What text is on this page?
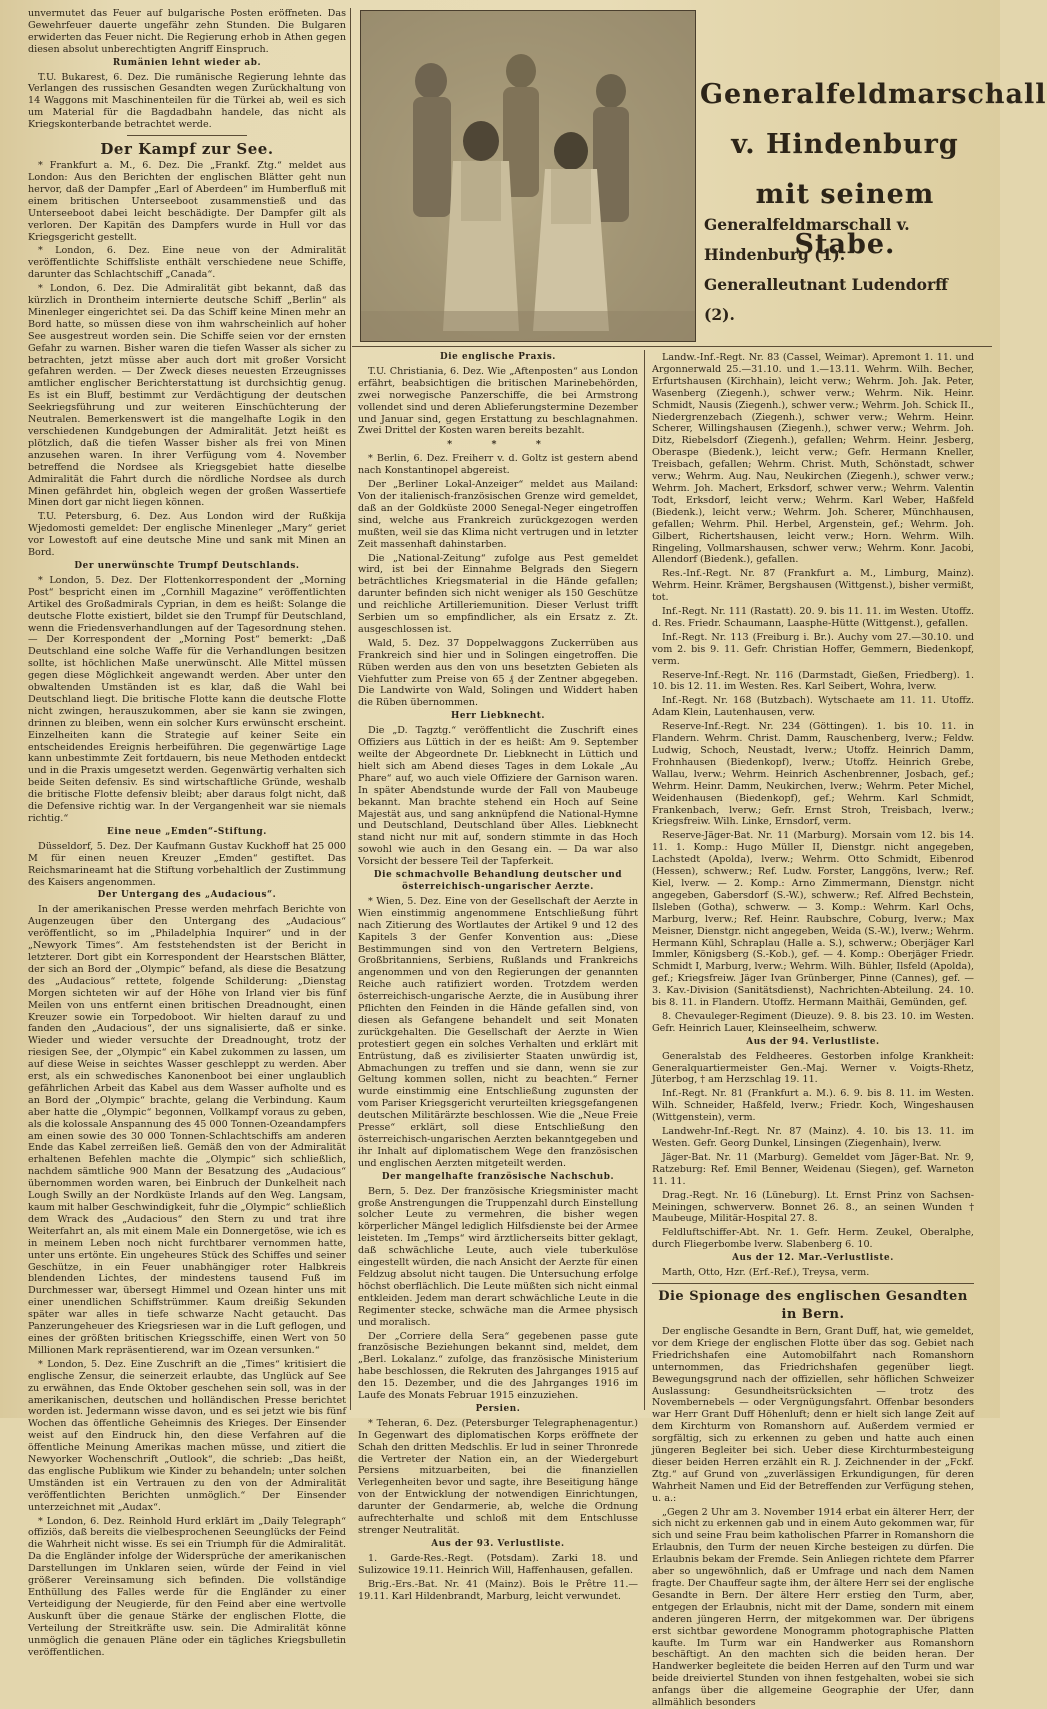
unvermutet das Feuer auf bulgarische Posten eröffneten. Das Gewehrfeuer dauerte ungefähr zehn Stunden. Die Bulgaren erwiderten das Feuer nicht. Die Regierung erhob in Athen gegen diesen absolut unberechtigten Angriff Einspruch.

Rumänien lehnt wieder ab.

T.U. Bukarest, 6. Dez. Die rumänische Regierung lehnte das Verlangen des russischen Gesandten wegen Zurückhaltung von 14 Waggons mit Maschinenteilen für die Türkei ab, weil es sich um Material für die Bagdadbahn handele, das nicht als Kriegskonterbande betrachtet werde.

Der Kampf zur See.

* Frankfurt a. M., 6. Dez. Die „Frankf. Ztg.“ meldet aus London: Aus den Berichten der englischen Blätter geht nun hervor, daß der Dampfer „Earl of Aberdeen“ im Humberfluß mit einem britischen Unterseeboot zusammenstieß und das Unterseeboot dabei leicht beschädigte. Der Dampfer gilt als verloren. Der Kapitän des Dampfers wurde in Hull vor das Kriegsgericht gestellt.

* London, 6. Dez. Eine neue von der Admiralität veröffentlichte Schiffsliste enthält verschiedene neue Schiffe, darunter das Schlachtschiff „Canada“.

* London, 6. Dez. Die Admiralität gibt bekannt, daß das kürzlich in Drontheim internierte deutsche Schiff „Berlin“ als Minenleger eingerichtet sei. Da das Schiff keine Minen mehr an Bord hatte, so müssen diese von ihm wahrscheinlich auf hoher See ausgestreut worden sein. Die Schiffe seien vor der ernsten Gefahr zu warnen. Bisher waren die tiefen Wasser als sicher zu betrachten, jetzt müsse aber auch dort mit großer Vorsicht gefahren werden. — Der Zweck dieses neuesten Erzeugnisses amtlicher englischer Berichterstattung ist durchsichtig genug. Es ist ein Bluff, bestimmt zur Verdächtigung der deutschen Seekriegsführung und zur weiteren Einschüchterung der Neutralen. Bemerkenswert ist die mangelhafte Logik in den verschiedenen Kundgebungen der Admiralität. Jetzt heißt es plötzlich, daß die tiefen Wasser bisher als frei von Minen anzusehen waren. In ihrer Verfügung vom 4. November betreffend die Nordsee als Kriegsgebiet hatte dieselbe Admiralität die Fahrt durch die nördliche Nordsee als durch Minen gefährdet hin, obgleich wegen der großen Wassertiefe Minen dort gar nicht liegen können.

T.U. Petersburg, 6. Dez. Aus London wird der Rußkija Wjedomosti gemeldet: Der englische Minenleger „Mary“ geriet vor Lowestoft auf eine deutsche Mine und sank mit Minen an Bord.

Der unerwünschte Trumpf Deutschlands.

* London, 5. Dez. Der Flottenkorrespondent der „Morning Post“ bespricht einen im „Cornhill Magazine“ veröffentlichten Artikel des Großadmirals Cyprian, in dem es heißt: Solange die deutsche Flotte existiert, bildet sie den Trumpf für Deutschland, wenn die Friedensverhandlungen auf der Tagesordnung stehen. — Der Korrespondent der „Morning Post“ bemerkt: „Daß Deutschland eine solche Waffe für die Verhandlungen besitzen sollte, ist höchlichen Maße unerwünscht. Alle Mittel müssen gegen diese Möglichkeit angewandt werden. Aber unter den obwaltenden Umständen ist es klar, daß die Wahl bei Deutschland liegt. Die britische Flotte kann die deutsche Flotte nicht zwingen, herauszukommen, aber sie kann sie zwingen, drinnen zu bleiben, wenn ein solcher Kurs erwünscht erscheint. Einzelheiten kann die Strategie auf keiner Seite ein entscheidendes Ereignis herbeiführen. Die gegenwärtige Lage kann unbestimmte Zeit fortdauern, bis neue Methoden entdeckt und in die Praxis umgesetzt werden. Gegenwärtig verhalten sich beide Seiten defensiv. Es sind wirtschaftliche Gründe, weshalb die britische Flotte defensiv bleibt; aber daraus folgt nicht, daß die Defensive richtig war. In der Vergangenheit war sie niemals richtig.“

Eine neue „Emden“-Stiftung.

Düsseldorf, 5. Dez. Der Kaufmann Gustav Kuckhoff hat 25 000 M für einen neuen Kreuzer „Emden“ gestiftet. Das Reichsmarineamt hat die Stiftung vorbehaltlich der Zustimmung des Kaisers angenommen.

Der Untergang des „Audacious“.

In der amerikanischen Presse werden mehrfach Berichte von Augenzeugen über den Untergang des „Audacious“ veröffentlicht, so im „Philadelphia Inquirer“ und in der „Newyork Times“. Am feststehendsten ist der Bericht in letzterer. Dort gibt ein Korrespondent der Hearstschen Blätter, der sich an Bord der „Olympic“ befand, als diese die Besatzung des „Audacious“ rettete, folgende Schilderung: „Dienstag Morgen sichteten wir auf der Höhe von Irland vier bis fünf Meilen von uns entfernt einen britischen Dreadnought, einen Kreuzer sowie ein Torpedoboot. Wir hielten darauf zu und fanden den „Audacious“, der uns signalisierte, daß er sinke. Wieder und wieder versuchte der Dreadnought, trotz der riesigen See, der „Olympic“ ein Kabel zukommen zu lassen, um auf diese Weise in seichtes Wasser geschleppt zu werden. Aber erst, als ein schwedisches Kanonenboot bei einer unglaublich gefährlichen Arbeit das Kabel aus dem Wasser aufholte und es an Bord der „Olympic“ brachte, gelang die Verbindung. Kaum aber hatte die „Olympic“ begonnen, Vollkampf voraus zu geben, als die kolossale Anspannung des 45 000 Tonnen-Ozeandampfers am einen sowie des 30 000 Tonnen-Schlachtschiffs am anderen Ende das Kabel zerreißen ließ. Gemäß den von der Admiralität erhaltenen Befehlen machte die „Olympic“ sich schließlich, nachdem sämtliche 900 Mann der Besatzung des „Audacious“ übernommen worden waren, bei Einbruch der Dunkelheit nach Lough Swilly an der Nordküste Irlands auf den Weg. Langsam, kaum mit halber Geschwindigkeit, fuhr die „Olympic“ schließlich dem Wrack des „Audacious“ den Stern zu und trat ihre Weiterfahrt an, als mit einem Male ein Donnergetöse, wie ich es in meinem Leben noch nicht furchtbarer vernommen hatte, unter uns ertönte. Ein ungeheures Stück des Schiffes und seiner Geschütze, in ein Feuer unabhängiger roter Halbkreis blendenden Lichtes, der mindestens tausend Fuß im Durchmesser war, übersegt Himmel und Ozean hinter uns mit einer unendlichen Schiffstrümmer. Kaum dreißig Sekunden später war alles in tiefe schwarze Nacht getaucht. Das Panzerungeheuer des Kriegsriesen war in die Luft geflogen, und eines der größten britischen Kriegsschiffe, einen Wert von 50 Millionen Mark repräsentierend, war im Ozean versunken.“

* London, 5. Dez. Eine Zuschrift an die „Times“ kritisiert die englische Zensur, die seinerzeit erlaubte, das Unglück auf See zu erwähnen, das Ende Oktober geschehen sein soll, was in der amerikanischen, deutschen und holländischen Presse berichtet worden ist. Jedermann wisse davon, und es sei jetzt wie bis fünf Wochen das öffentliche Geheimnis des Krieges. Der Einsender weist auf den Eindruck hin, den diese Verfahren auf die öffentliche Meinung Amerikas machen müsse, und zitiert die Newyorker Wochenschrift „Outlook“, die schrieb: „Das heißt, das englische Publikum wie Kinder zu behandeln; unter solchen Umständen ist ein Vertrauen zu den von der Admiralität veröffentlichten Berichten unmöglich.“ Der Einsender unterzeichnet mit „Audax“.

* London, 6. Dez. Reinhold Hurd erklärt im „Daily Telegraph“ offiziös, daß bereits die vielbesprochenen Seeunglücks der Feind die Wahrheit nicht wisse. Es sei ein Triumph für die Admiralität. Da die Engländer infolge der Widersprüche der amerikanischen Darstellungen im Unklaren seien, würde der Feind in viel größerer Vereinsamung sich befinden. Die vollständige Enthüllung des Falles werde für die Engländer zu einer Verteidigung der Neugierde, für den Feind aber eine wertvolle Auskunft über die genaue Stärke der englischen Flotte, die Verteilung der Streitkräfte usw. sein. Die Admiralität könne unmöglich die genauen Pläne oder ein tägliches Kriegsbulletin veröffentlichen.

Generalfeldmarschall
v. Hindenburg
mit seinem Stabe.
Generalfeldmarschall v. Hindenburg (1).
Generalleutnant Ludendorff (2).

Die englische Praxis.

T.U. Christiania, 6. Dez. Wie „Aftenposten“ aus London erfährt, beabsichtigen die britischen Marinebehörden, zwei norwegische Panzerschiffe, die bei Armstrong vollendet sind und deren Ablieferungstermine Dezember und Januar sind, gegen Erstattung zu beschlagnahmen. Zwei Drittel der Kosten waren bereits bezahlt.

* * *

* Berlin, 6. Dez. Freiherr v. d. Goltz ist gestern abend nach Konstantinopel abgereist.

Der „Berliner Lokal-Anzeiger“ meldet aus Mailand: Von der italienisch-französischen Grenze wird gemeldet, daß an der Goldküste 2000 Senegal-Neger eingetroffen sind, welche aus Frankreich zurückgezogen werden mußten, weil sie das Klima nicht vertrugen und in letzter Zeit massenhaft dahinstarben.

Die „National-Zeitung“ zufolge aus Pest gemeldet wird, ist bei der Einnahme Belgrads den Siegern beträchtliches Kriegsmaterial in die Hände gefallen; darunter befinden sich nicht weniger als 150 Geschütze und reichliche Artilleriemunition. Dieser Verlust trifft Serbien um so empfindlicher, als ein Ersatz z. Zt. ausgeschlossen ist.

Wald, 5. Dez. 37 Doppelwaggons Zuckerrüben aus Frankreich sind hier und in Solingen eingetroffen. Die Rüben werden aus den von uns besetzten Gebieten als Viehfutter zum Preise von 65 ₰ der Zentner abgegeben. Die Landwirte von Wald, Solingen und Widdert haben die Rüben übernommen.

Herr Liebknecht.

Die „D. Tagztg.“ veröffentlicht die Zuschrift eines Offiziers aus Lüttich in der es heißt: Am 9. September weilte der Abgeordnete Dr. Liebknecht in Lüttich und hielt sich am Abend dieses Tages in dem Lokale „Au Phare“ auf, wo auch viele Offiziere der Garnison waren. In später Abendstunde wurde der Fall von Maubeuge bekannt. Man brachte stehend ein Hoch auf Seine Majestät aus, und sang anknüpfend die National-Hymne und Deutschland, Deutschland über Alles. Liebknecht stand nicht nur mit auf, sondern stimmte in das Hoch sowohl wie auch in den Gesang ein. — Da war also Vorsicht der bessere Teil der Tapferkeit.

Die schmachvolle Behandlung deutscher und österreichisch-ungarischer Aerzte.

* Wien, 5. Dez. Eine von der Gesellschaft der Aerzte in Wien einstimmig angenommene Entschließung führt nach Zitierung des Wortlautes der Artikel 9 und 12 des Kapitels 3 der Genfer Konvention aus: „Diese Bestimmungen sind von den Vertretern Belgiens, Großbritanniens, Serbiens, Rußlands und Frankreichs angenommen und von den Regierungen der genannten Reiche auch ratifiziert worden. Trotzdem werden österreichisch-ungarische Aerzte, die in Ausübung ihrer Pflichten den Feinden in die Hände gefallen sind, von diesen als Gefangene behandelt und seit Monaten zurückgehalten. Die Gesellschaft der Aerzte in Wien protestiert gegen ein solches Verhalten und erklärt mit Entrüstung, daß es zivilisierter Staaten unwürdig ist, Abmachungen zu treffen und sie dann, wenn sie zur Geltung kommen sollen, nicht zu beachten.“ Ferner wurde einstimmig eine Entschließung zugunsten der vom Pariser Kriegsgericht verurteilten kriegsgefangenen deutschen Militärärzte beschlossen. Wie die „Neue Freie Presse“ erklärt, soll diese Entschließung den österreichisch-ungarischen Aerzten bekanntgegeben und ihr Inhalt auf diplomatischem Wege den französischen und englischen Aerzten mitgeteilt werden.

Der mangelhafte französische Nachschub.

Bern, 5. Dez. Der französische Kriegsminister macht große Anstrengungen die Truppenzahl durch Einstellung solcher Leute zu vermehren, die bisher wegen körperlicher Mängel lediglich Hilfsdienste bei der Armee leisteten. Im „Temps“ wird ärztlicherseits bitter geklagt, daß schwächliche Leute, auch viele tuberkulöse eingestellt würden, die nach Ansicht der Aerzte für einen Feldzug absolut nicht taugen. Die Untersuchung erfolge höchst oberflächlich. Die Leute müßten sich nicht einmal entkleiden. Jedem man derart schwächliche Leute in die Regimenter stecke, schwäche man die Armee physisch und moralisch.

Der „Corriere della Sera“ gegebenen passe gute französische Beziehungen bekannt sind, meldet, dem „Berl. Lokalanz.“ zufolge, das französische Ministerium habe beschlossen, die Rekruten des Jahrganges 1915 auf den 15. Dezember, und die des Jahrganges 1916 im Laufe des Monats Februar 1915 einzuziehen.

Persien.

* Teheran, 6. Dez. (Petersburger Telegraphenagentur.) In Gegenwart des diplomatischen Korps eröffnete der Schah den dritten Medschlis. Er lud in seiner Thronrede die Vertreter der Nation ein, an der Wiedergeburt Persiens mitzuarbeiten, bei die finanziellen Verlegenheiten bevor und sagte, ihre Beseitigung hänge von der Entwicklung der notwendigen Einrichtungen, darunter der Gendarmerie, ab, welche die Ordnung aufrechterhalte und schloß mit dem Entschlusse strenger Neutralität.

Aus der 93. Verlustliste.

1. Garde-Res.-Regt. (Potsdam). Zarki 18. und Sulizowice 19.11. Heinrich Will, Haffenhausen, gefallen.

Brig.-Ers.-Bat. Nr. 41 (Mainz). Bois le Prêtre 11.—19.11. Karl Hildenbrandt, Marburg, leicht verwundet.

Landw.-Inf.-Regt. Nr. 83 (Cassel, Weimar). Apremont 1. 11. und Argonnerwald 25.—31.10. und 1.—13.11. Wehrm. Wilh. Becher, Erfurtshausen (Kirchhain), leicht verw.; Wehrm. Joh. Jak. Peter, Wasenberg (Ziegenh.), schwer verw.; Wehrm. Nik. Heinr. Schmidt, Nausis (Ziegenh.), schwer verw.; Wehrm. Joh. Schick II., Niedergrenzebach (Ziegenh.), schwer verw.; Wehrm. Heinr. Scherer, Willingshausen (Ziegenh.), schwer verw.; Wehrm. Joh. Ditz, Riebelsdorf (Ziegenh.), gefallen; Wehrm. Heinr. Jesberg, Oberaspe (Biedenk.), leicht verw.; Gefr. Hermann Kneller, Treisbach, gefallen; Wehrm. Christ. Muth, Schönstadt, schwer verw.; Wehrm. Aug. Nau, Neukirchen (Ziegenh.), schwer verw.; Wehrm. Joh. Machert, Erksdorf, schwer verw.; Wehrm. Valentin Todt, Erksdorf, leicht verw.; Wehrm. Karl Weber, Haßfeld (Biedenk.), leicht verw.; Wehrm. Joh. Scherer, Münchhausen, gefallen; Wehrm. Phil. Herbel, Argenstein, gef.; Wehrm. Joh. Gilbert, Richertshausen, leicht verw.; Horn. Wehrm. Wilh. Ringeling, Vollmarshausen, schwer verw.; Wehrm. Konr. Jacobi, Allendorf (Biedenk.), gefallen.

Res.-Inf.-Regt. Nr. 87 (Frankfurt a. M., Limburg, Mainz). Wehrm. Heinr. Krämer, Bergshausen (Wittgenst.), bisher vermißt, tot.

Inf.-Regt. Nr. 111 (Rastatt). 20. 9. bis 11. 11. im Westen. Utoffz. d. Res. Friedr. Schaumann, Laasphe-Hütte (Wittgenst.), gefallen.

Inf.-Regt. Nr. 113 (Freiburg i. Br.). Auchy vom 27.—30.10. und vom 2. bis 9. 11. Gefr. Christian Hoffer, Gemmern, Biedenkopf, verm.

Reserve-Inf.-Regt. Nr. 116 (Darmstadt, Gießen, Friedberg). 1. 10. bis 12. 11. im Westen. Res. Karl Seibert, Wohra, lverw.

Inf.-Regt. Nr. 168 (Butzbach). Wytschaete am 11. 11. Utoffz. Adam Klein, Lautenhausen, verw.

Reserve-Inf.-Regt. Nr. 234 (Göttingen). 1. bis 10. 11. in Flandern. Wehrm. Christ. Damm, Rauschenberg, lverw.; Feldw. Ludwig, Schoch, Neustadt, lverw.; Utoffz. Heinrich Damm, Frohnhausen (Biedenkopf), lverw.; Utoffz. Heinrich Grebe, Wallau, lverw.; Wehrm. Heinrich Aschenbrenner, Josbach, gef.; Wehrm. Heinr. Damm, Neukirchen, lverw.; Wehrm. Peter Michel, Weidenhausen (Biedenkopf), gef.; Wehrm. Karl Schmidt, Frankenbach, lverw.; Gefr. Ernst Stroh, Treisbach, lverw.; Kriegsfreiw. Wilh. Linke, Ernsdorf, verm.

Reserve-Jäger-Bat. Nr. 11 (Marburg). Morsain vom 12. bis 14. 11. 1. Komp.: Hugo Müller II, Dienstgr. nicht angegeben, Lachstedt (Apolda), lverw.; Wehrm. Otto Schmidt, Eibenrod (Hessen), schwerw.; Ref. Ludw. Forster, Langgöns, lverw.; Ref. Kiel, lverw. — 2. Komp.: Arno Zimmermann, Dienstgr. nicht angegeben, Gabersdorf (S.-W.), schwerw.; Ref. Alfred Bechstein, Ilsleben (Gotha), schwerw. — 3. Komp.: Wehrm. Karl Ochs, Marburg, lverw.; Ref. Heinr. Raubschre, Coburg, lverw.; Max Meisner, Dienstgr. nicht angegeben, Weida (S.-W.), lverw.; Wehrm. Hermann Kühl, Schraplau (Halle a. S.), schwerw.; Oberjäger Karl Immler, Königsberg (S.-Kob.), gef. — 4. Komp.: Oberjäger Friedr. Schmidt I, Marburg, lverw.; Wehrm. Wilh. Bühler, Ilsfeld (Apolda), gef.; Kriegsfreiw. Jäger Ivan Grünberger, Pinne (Cannes), gef. — 3. Kav.-Division (Sanitätsdienst), Nachrichten-Abteilung. 24. 10. bis 8. 11. in Flandern. Utoffz. Hermann Maithäi, Gemünden, gef.

8. Chevauleger-Regiment (Dieuze). 9. 8. bis 23. 10. im Westen. Gefr. Heinrich Lauer, Kleinseelheim, schwerw.

Aus der 94. Verlustliste.

Generalstab des Feldheeres. Gestorben infolge Krankheit: Generalquartiermeister Gen.-Maj. Werner v. Voigts-Rhetz, Jüterbog, † am Herzschlag 19. 11.

Inf.-Regt. Nr. 81 (Frankfurt a. M.). 6. 9. bis 8. 11. im Westen. Wilh. Schneider, Haßfeld, lverw.; Friedr. Koch, Wingeshausen (Wittgenstein), verm.

Landwehr-Inf.-Regt. Nr. 87 (Mainz). 4. 10. bis 13. 11. im Westen. Gefr. Georg Dunkel, Linsingen (Ziegenhain), lverw.

Jäger-Bat. Nr. 11 (Marburg). Gemeldet vom Jäger-Bat. Nr. 9, Ratzeburg: Ref. Emil Benner, Weidenau (Siegen), gef. Warneton 11. 11.

Drag.-Regt. Nr. 16 (Lüneburg). Lt. Ernst Prinz von Sachsen-Meiningen, schwerverw. Bonnet 26. 8., an seinen Wunden † Maubeuge, Militär-Hospital 27. 8.

Feldluftschiffer-Abt. Nr. 1. Gefr. Herm. Zeukel, Oberalphe, durch Fliegerbombe lverw. Slabenberg 6. 10.

Aus der 12. Mar.-Verlustliste.

Marth, Otto, Hzr. (Erf.-Ref.), Treysa, verm.

Die Spionage des englischen Gesandten in Bern.

Der englische Gesandte in Bern, Grant Duff, hat, wie gemeldet, vor dem Kriege der englischen Flotte über das sog. Gebiet nach Friedrichshafen eine Automobilfahrt nach Romanshorn unternommen, das Friedrichshafen gegenüber liegt. Bewegungsgrund nach der offiziellen, sehr höflichen Schweizer Auslassung: Gesundheitsrücksichten — trotz des Novembernebels — oder Vergnügungsfahrt. Offenbar besonders war Herr Grant Duff Höhenluft; denn er hielt sich lange Zeit auf dem Kirchturm von Romanshorn auf. Außerdem vermied er sorgfältig, sich zu erkennen zu geben und hatte auch einen jüngeren Begleiter bei sich. Ueber diese Kirchturmbesteigung dieser beiden Herren erzählt ein R. J. Zeichnender in der „Fckf. Ztg.“ auf Grund von „zuverlässigen Erkundigungen, für deren Wahrheit Namen und Eid der Betreffenden zur Verfügung stehen, u. a.:

„Gegen 2 Uhr am 3. November 1914 erbat ein älterer Herr, der sich nicht zu erkennen gab und in einem Auto gekommen war, für sich und seine Frau beim katholischen Pfarrer in Romanshorn die Erlaubnis, den Turm der neuen Kirche besteigen zu dürfen. Die Erlaubnis bekam der Fremde. Sein Anliegen richtete dem Pfarrer aber so ungewöhnlich, daß er Umfrage und nach dem Namen fragte. Der Chauffeur sagte ihm, der ältere Herr sei der englische Gesandte in Bern. Der ältere Herr erstieg den Turm, aber, entgegen der Erlaubnis, nicht mit der Dame, sondern mit einem anderen jüngeren Herrn, der mitgekommen war. Der übrigens erst sichtbar gewordene Monogramm photographische Platten kaufte. Im Turm war ein Handwerker aus Romanshorn beschäftigt. An den machten sich die beiden heran. Der Handwerker begleitete die beiden Herren auf den Turm und war beide dreiviertel Stunden von ihnen festgehalten, wobei sie sich anfangs über die allgemeine Geographie der Ufer, dann allmählich besonders
